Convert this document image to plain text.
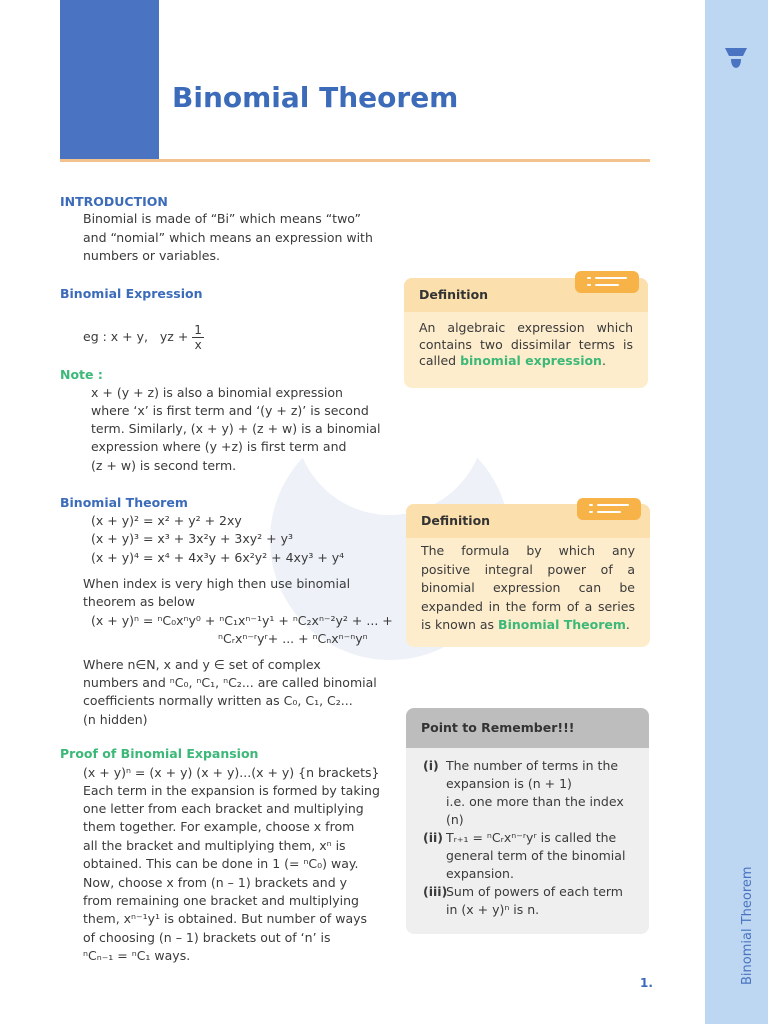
Binomial Theorem
Binomial Theorem
1.
INTRODUCTION
Binomial is made of “Bi” which means “two”
and “nomial” which means an expression with
numbers or variables.
Binomial Expression
eg : x + y, yz + $\frac{1}{x}$
Note :
x + (y + z) is also a binomial expression
where ‘x’ is first term and ‘(y + z)’ is second
term. Similarly, (x + y) + (z + w) is a binomial
expression where (y +z) is first term and
(z + w) is second term.
Binomial Theorem
(x + y)² = x² + y² + 2xy
(x + y)³ = x³ + 3x²y + 3xy² + y³
(x + y)⁴ = x⁴ + 4x³y + 6x²y² + 4xy³ + y⁴
When index is very high then use binomial
theorem as below
(x + y)ⁿ = ⁿC₀xⁿy⁰ + ⁿC₁xⁿ⁻¹y¹ + ⁿC₂xⁿ⁻²y² + ... +
ⁿCᵣxⁿ⁻ʳyʳ+ ... + ⁿCₙxⁿ⁻ⁿyⁿ
Where n∈N, x and y ∈ set of complex
numbers and ⁿC₀, ⁿC₁, ⁿC₂... are called binomial
coefficients normally written as C₀, C₁, C₂...
(n hidden)
Proof of Binomial Expansion
(x + y)ⁿ = (x + y) (x + y)...(x + y) {n brackets}
Each term in the expansion is formed by taking
one letter from each bracket and multiplying
them together. For example, choose x from
all the bracket and multiplying them, xⁿ is
obtained. This can be done in 1 (= ⁿC₀) way.
Now, choose x from (n – 1) brackets and y
from remaining one bracket and multiplying
them, xⁿ⁻¹y¹ is obtained. But number of ways
of choosing (n – 1) brackets out of ‘n’ is
ⁿCₙ₋₁ = ⁿC₁ ways.
Definition
An algebraic expression which contains two dissimilar terms is called binomial expression.
Definition
The formula by which any positive integral power of a binomial expression can be expanded in the form of a series is known as Binomial Theorem.
Point to Remember!!!
(i) The number of terms in the
expansion is (n + 1)
i.e. one more than the index
(n)
(ii) Tᵣ₊₁ = ⁿCᵣxⁿ⁻ʳyʳ is called the
general term of the binomial
expansion.
(iii)
Sum of powers of each term
in (x + y)ⁿ is n.
